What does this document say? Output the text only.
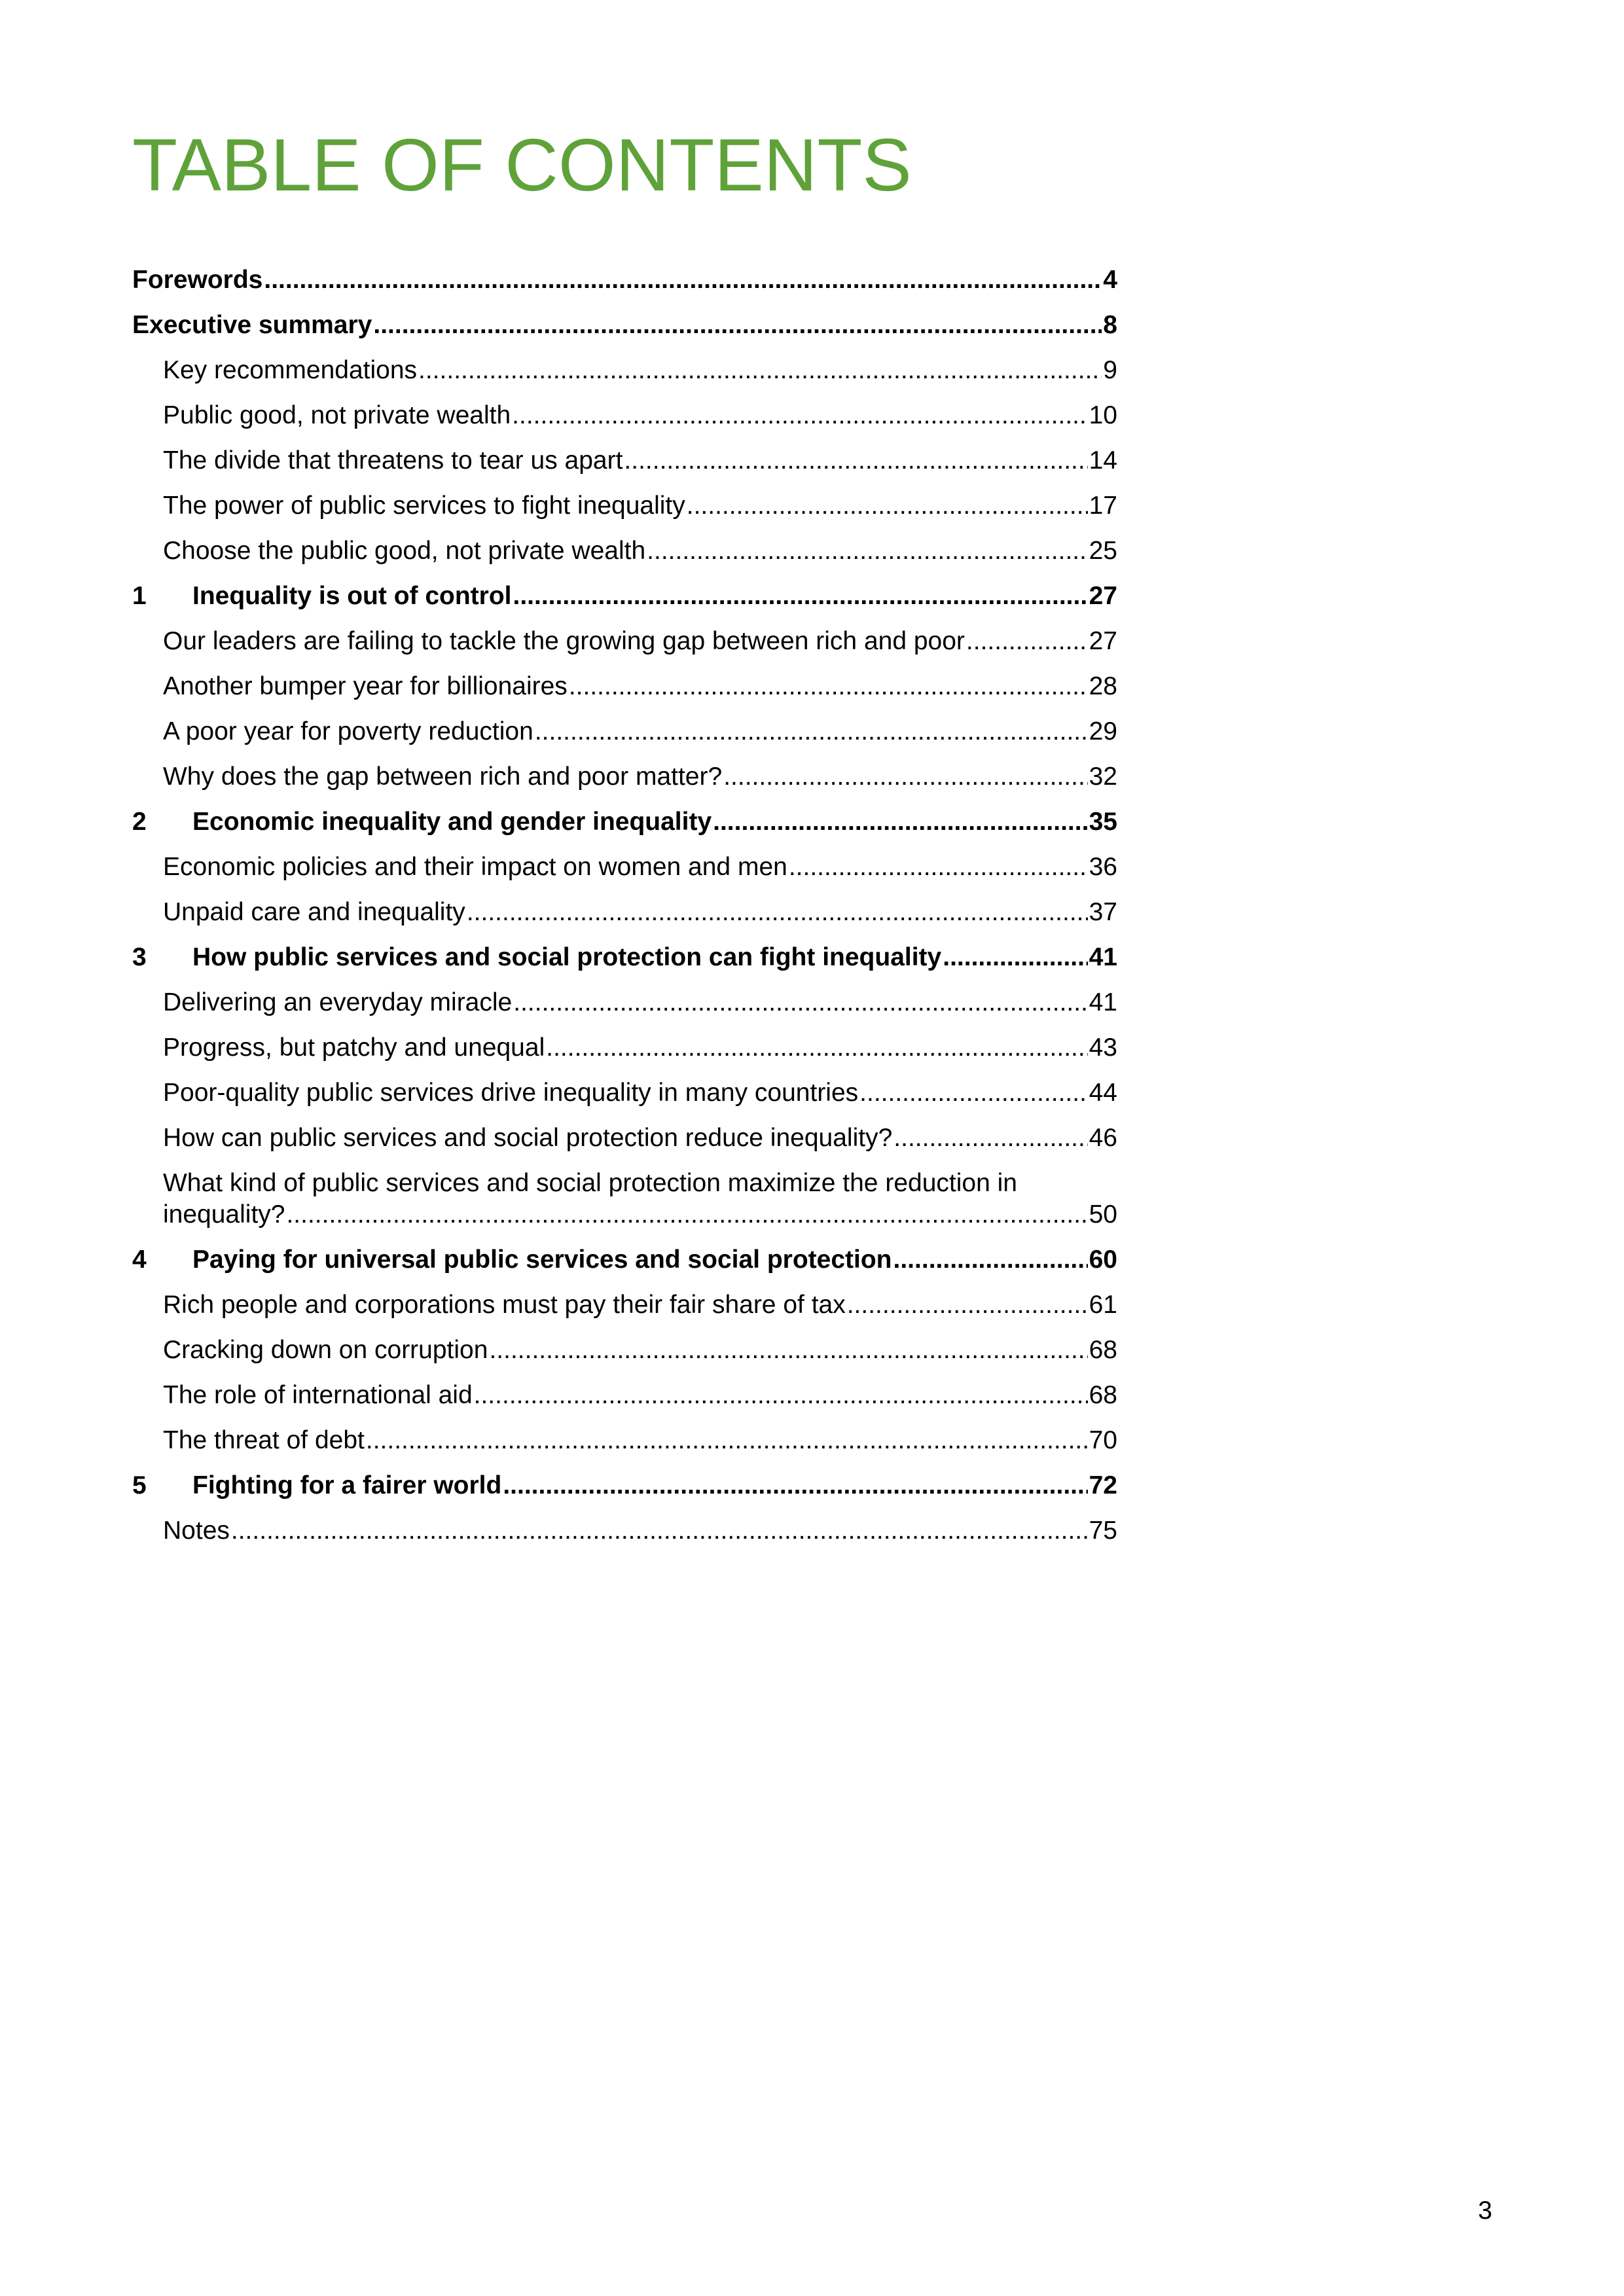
TABLE OF CONTENTS
Forewords .....	4
Executive summary .....	8
Key recommendations .....	9
Public good, not private wealth .....	10
The divide that threatens to tear us apart .....	14
The power of public services to fight inequality .....	17
Choose the public good, not private wealth .....	25
1	Inequality is out of control .....	27
Our leaders are failing to tackle the growing gap between rich and poor .....	27
Another bumper year for billionaires .....	28
A poor year for poverty reduction .....	29
Why does the gap between rich and poor matter? .....	32
2	Economic inequality and gender inequality .....	35
Economic policies and their impact on women and men .....	36
Unpaid care and inequality .....	37
3	How public services and social protection can fight inequality .....	41
Delivering an everyday miracle .....	41
Progress, but patchy and unequal .....	43
Poor-quality public services drive inequality in many countries .....	44
How can public services and social protection reduce inequality? .....	46
What kind of public services and social protection maximize the reduction in
inequality? .....	50
4	Paying for universal public services and social protection .....	60
Rich people and corporations must pay their fair share of tax .....	61
Cracking down on corruption .....	68
The role of international aid .....	68
The threat of debt .....	70
5	Fighting for a fairer world .....	72
Notes .....	75
3
